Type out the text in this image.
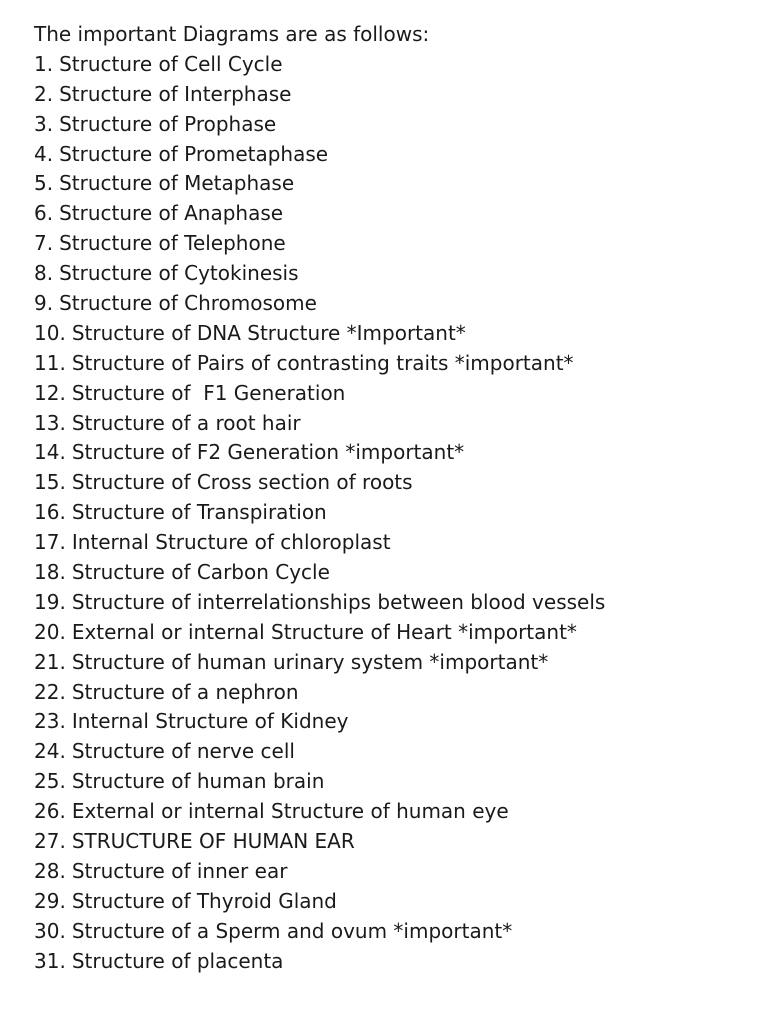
The important Diagrams are as follows:
1. Structure of Cell Cycle
2. Structure of Interphase
3. Structure of Prophase
4. Structure of Prometaphase
5. Structure of Metaphase
6. Structure of Anaphase
7. Structure of Telephone
8. Structure of Cytokinesis
9. Structure of Chromosome
10. Structure of DNA Structure *Important*
11. Structure of Pairs of contrasting traits *important*
12. Structure of  F1 Generation
13. Structure of a root hair
14. Structure of F2 Generation *important*
15. Structure of Cross section of roots
16. Structure of Transpiration
17. Internal Structure of chloroplast
18. Structure of Carbon Cycle
19. Structure of interrelationships between blood vessels
20. External or internal Structure of Heart *important*
21. Structure of human urinary system *important*
22. Structure of a nephron
23. Internal Structure of Kidney
24. Structure of nerve cell
25. Structure of human brain
26. External or internal Structure of human eye
27. STRUCTURE OF HUMAN EAR
28. Structure of inner ear
29. Structure of Thyroid Gland
30. Structure of a Sperm and ovum *important*
31. Structure of placenta
